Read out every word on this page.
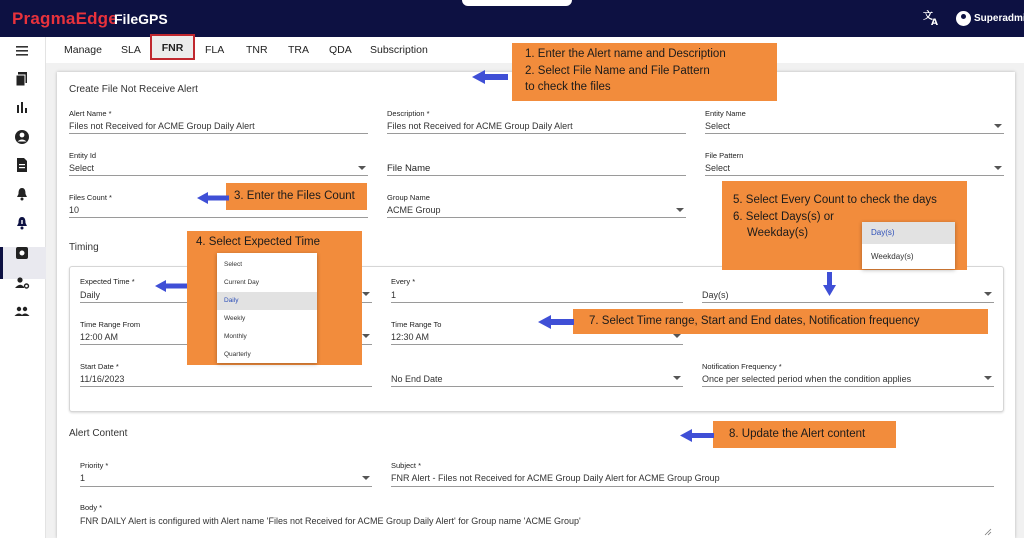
PragmaEdge
FileGPS	文
A	Superadmin
Manage SLA	FNR	FLA TNR TRA QDA Subscription
Create File Not Receive Alert
Alert Name *
Files not Received for ACME Group Daily Alert
Description *
Files not Received for ACME Group Daily Alert
Entity Name
Select
Entity Id
Select	File Name
File Pattern
Select
Files Count *
10
Group Name
ACME Group
Timing
Expected Time *
Daily
Every *
1	Day(s)
Time Range From
12:00 AM
Time Range To
12:30 AM
Start Date *
11/16/2023	No End Date
Notification Frequency *
Once per selected period when the condition applies
Alert Content
Priority *
1
Subject *
FNR Alert - Files not Received for ACME Group Daily Alert for ACME Group Group
Body *
FNR DAILY Alert is configured with Alert name 'Files not Received for ACME Group Daily Alert' for Group name 'ACME Group'
4. Select Expected Time
Select
Current Day
Daily
Weekly
Monthly
Quarterly
1. Enter the Alert name and Description
2. Select File Name and File Pattern
to check the files
3. Enter the Files Count	5. Select Every Count to check the days
6. Select Days(s) or
Weekday(s)	Day(s)
Weekday(s)
7. Select Time range, Start and End dates, Notification frequency
8. Update the Alert content
